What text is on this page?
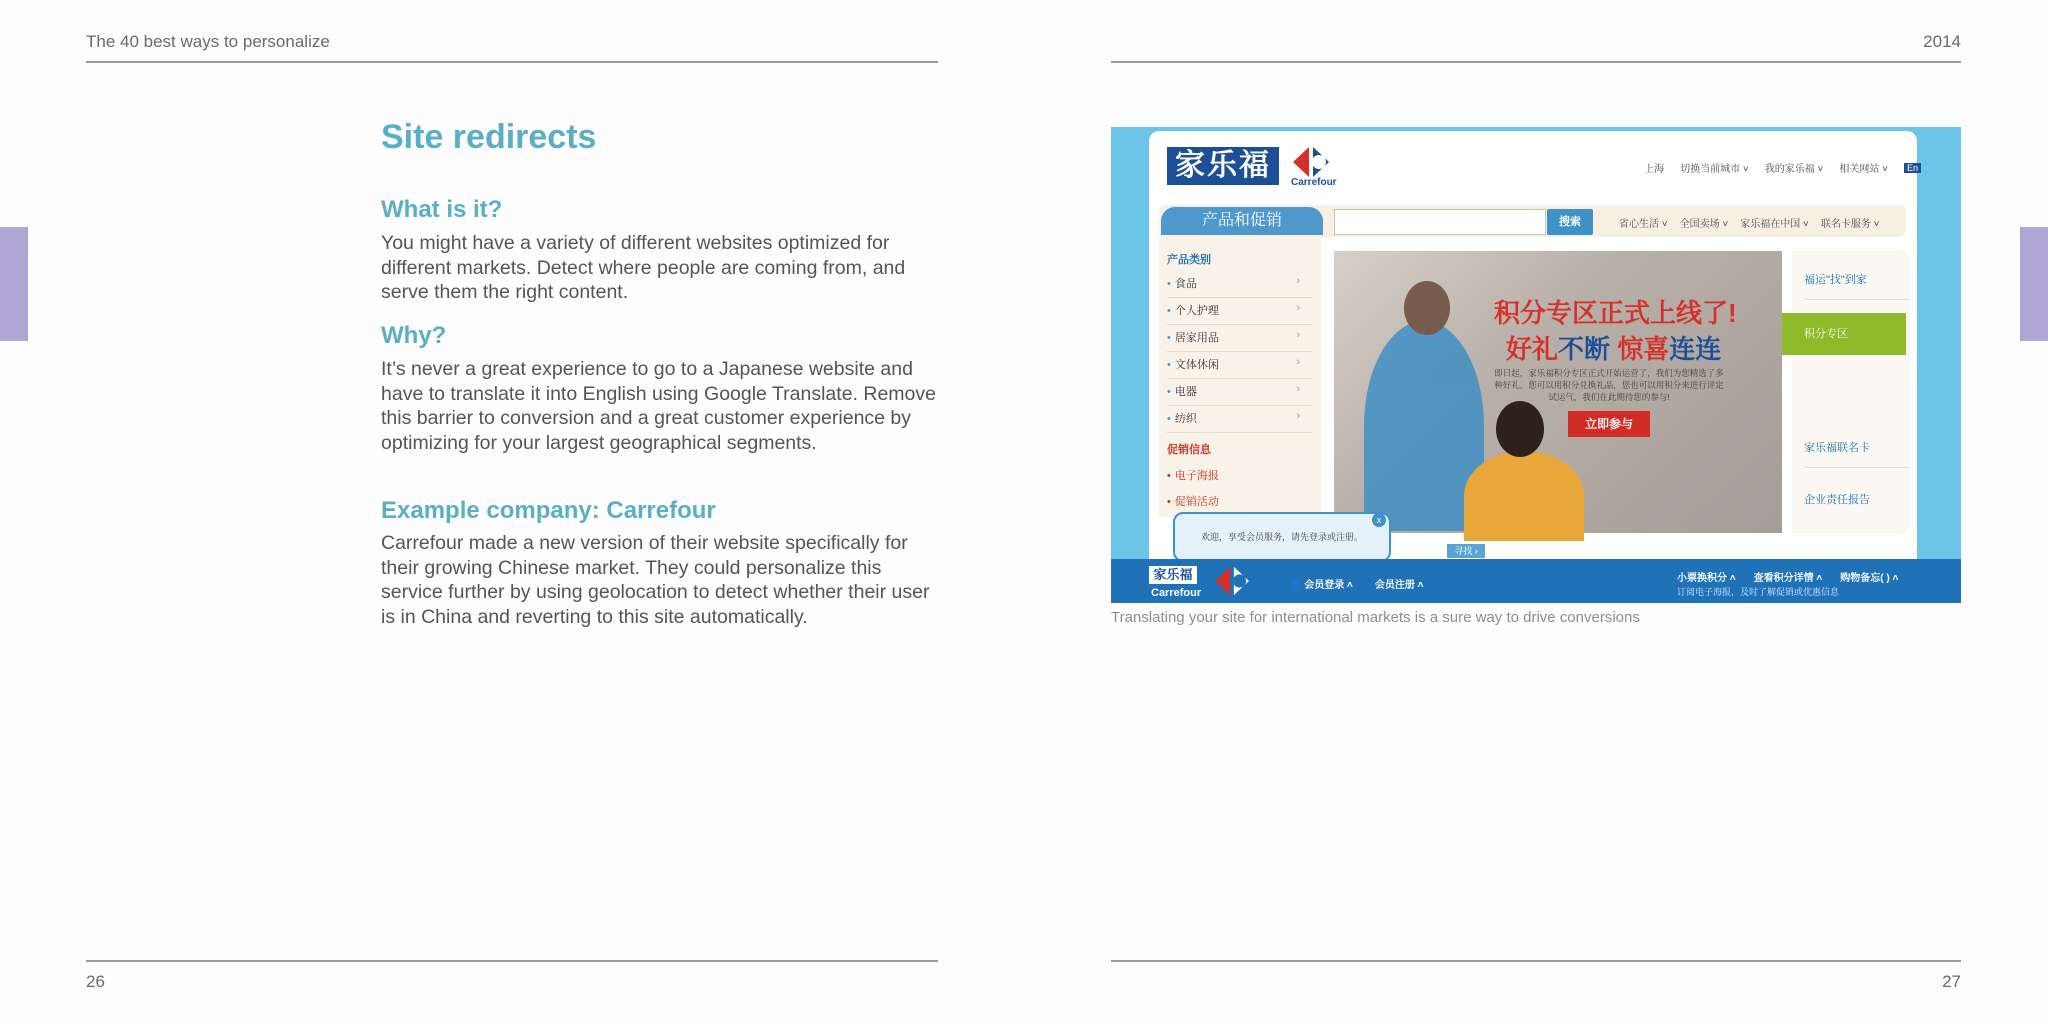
The 40 best ways to personalize	2014
Site redirects
What is it?

You might have a variety of different websites optimized for different markets. Detect where people are coming from, and serve them the right content.

Why?

It’s never a great experience to go to a Japanese website and have to translate it into English using Google Translate. Remove this barrier to conversion and a great customer experience by optimizing for your largest geographical segments.

Example company: Carrefour

Carrefour made a new version of their website specifically for their growing Chinese market. They could personalize this service further by using geolocation to detect whether their user is in China and reverting to this site automatically.

家乐福
Carrefour
上海 切换当前城市 ˅ 我的家乐福 ˅ 相关网站 ˅	En
产品和促销	搜索	省心生活 ˅ 全国卖场 ˅ 家乐福在中国 ˅ 联名卡服务 ˅
产品类别
• 食品 ›
• 个人护理 ›
• 居家用品 ›
• 文体休闲 ›
• 电器 ›
• 纺织 ›
促销信息
• 电子海报
• 促销活动
积分专区正式上线了!
好礼不断 惊喜连连
即日起，家乐福积分专区正式开始运营了，我们为您精选了多种好礼，您可以用积分兑换礼品，您也可以用积分来进行评定试运气，我们在此期待您的参与!
立即参与
福运"找"到家
积分专区
家乐福联名卡
企业责任报告
欢迎，享受会员服务，请先登录或注册。
x
寻找 ›
家乐福
Carrefour
👤 会员登录 ˄ 会员注册 ˄
小票换积分 ˄ 查看积分详情 ˄ 购物备忘( ) ˄
订阅电子海报，及时了解促销或优惠信息
Translating your site for international markets is a sure way to drive conversions
26	27
